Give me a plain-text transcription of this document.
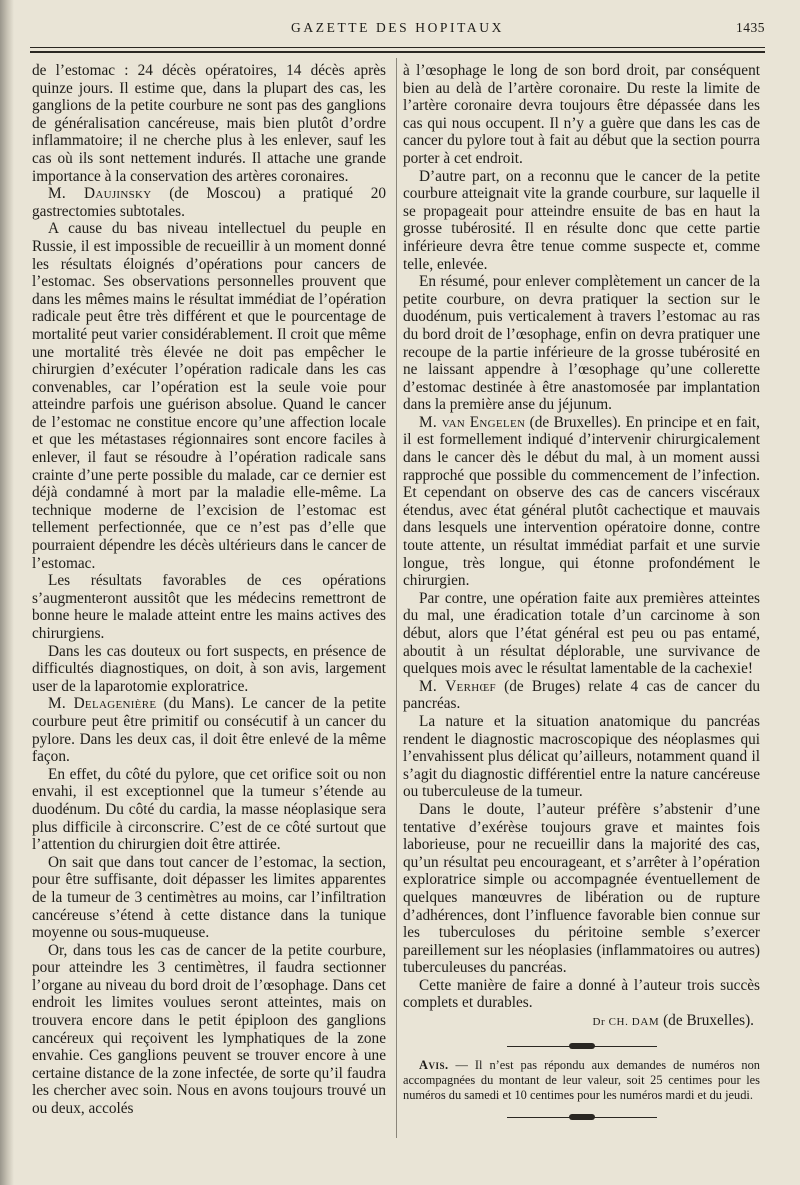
GAZETTE DES HOPITAUX	1435

de l’estomac : 24 décès opératoires, 14 décès après quinze jours. Il estime que, dans la plupart des cas, les ganglions de la petite courbure ne sont pas des ganglions de généralisation cancéreuse, mais bien plutôt d’ordre inflammatoire; il ne cherche plus à les enlever, sauf les cas où ils sont nettement indurés. Il attache une grande importance à la conservation des artères coronaires.

M. Daujinsky (de Moscou) a pratiqué 20 gastrectomies subtotales.

A cause du bas niveau intellectuel du peuple en Russie, il est impossible de recueillir à un moment donné les résultats éloignés d’opérations pour cancers de l’estomac. Ses observations personnelles prouvent que dans les mêmes mains le résultat immédiat de l’opération radicale peut être très différent et que le pourcentage de mortalité peut varier considérablement. Il croit que même une mortalité très élevée ne doit pas empêcher le chirurgien d’exécuter l’opération radicale dans les cas convenables, car l’opération est la seule voie pour atteindre parfois une guérison absolue. Quand le cancer de l’estomac ne constitue encore qu’une affection locale et que les métastases régionnaires sont encore faciles à enlever, il faut se résoudre à l’opération radicale sans crainte d’une perte possible du malade, car ce dernier est déjà condamné à mort par la maladie elle-même. La technique moderne de l’excision de l’estomac est tellement perfectionnée, que ce n’est pas d’elle que pourraient dépendre les décès ultérieurs dans le cancer de l’estomac.

Les résultats favorables de ces opérations s’augmenteront aussitôt que les médecins remettront de bonne heure le malade atteint entre les mains actives des chirurgiens.

Dans les cas douteux ou fort suspects, en présence de difficultés diagnostiques, on doit, à son avis, largement user de la laparotomie exploratrice.

M. Delagenière (du Mans). Le cancer de la petite courbure peut être primitif ou consécutif à un cancer du pylore. Dans les deux cas, il doit être enlevé de la même façon.

En effet, du côté du pylore, que cet orifice soit ou non envahi, il est exceptionnel que la tumeur s’étende au duodénum. Du côté du cardia, la masse néoplasique sera plus difficile à circonscrire. C’est de ce côté surtout que l’attention du chirurgien doit être attirée.

On sait que dans tout cancer de l’estomac, la section, pour être suffisante, doit dépasser les limites apparentes de la tumeur de 3 centimètres au moins, car l’infiltration cancéreuse s’étend à cette distance dans la tunique moyenne ou sous-muqueuse.

Or, dans tous les cas de cancer de la petite courbure, pour atteindre les 3 centimètres, il faudra sectionner l’organe au niveau du bord droit de l’œsophage. Dans cet endroit les limites voulues seront atteintes, mais on trouvera encore dans le petit épiploon des ganglions cancéreux qui reçoivent les lymphatiques de la zone envahie. Ces ganglions peuvent se trouver encore à une certaine distance de la zone infectée, de sorte qu’il faudra les chercher avec soin. Nous en avons toujours trouvé un ou deux, accolés

à l’œsophage le long de son bord droit, par conséquent bien au delà de l’artère coronaire. Du reste la limite de l’artère coronaire devra toujours être dépassée dans les cas qui nous occupent. Il n’y a guère que dans les cas de cancer du pylore tout à fait au début que la section pourra porter à cet endroit.

D’autre part, on a reconnu que le cancer de la petite courbure atteignait vite la grande courbure, sur laquelle il se propageait pour atteindre ensuite de bas en haut la grosse tubérosité. Il en résulte donc que cette partie inférieure devra être tenue comme suspecte et, comme telle, enlevée.

En résumé, pour enlever complètement un cancer de la petite courbure, on devra pratiquer la section sur le duodénum, puis verticalement à travers l’estomac au ras du bord droit de l’œsophage, enfin on devra pratiquer une recoupe de la partie inférieure de la grosse tubérosité en ne laissant appendre à l’œsophage qu’une collerette d’estomac destinée à être anastomosée par implantation dans la première anse du jéjunum.

M. van Engelen (de Bruxelles). En principe et en fait, il est formellement indiqué d’intervenir chirurgicalement dans le cancer dès le début du mal, à un moment aussi rapproché que possible du commencement de l’infection. Et cependant on observe des cas de cancers viscéraux étendus, avec état général plutôt cachectique et mauvais dans lesquels une intervention opératoire donne, contre toute attente, un résultat immédiat parfait et une survie longue, très longue, qui étonne profondément le chirurgien.

Par contre, une opération faite aux premières atteintes du mal, une éradication totale d’un carcinome à son début, alors que l’état général est peu ou pas entamé, aboutit à un résultat déplorable, une survivance de quelques mois avec le résultat lamentable de la cachexie!

M. Verhœf (de Bruges) relate 4 cas de cancer du pancréas.

La nature et la situation anatomique du pancréas rendent le diagnostic macroscopique des néoplasmes qui l’envahissent plus délicat qu’ailleurs, notamment quand il s’agit du diagnostic différentiel entre la nature cancéreuse ou tuberculeuse de la tumeur.

Dans le doute, l’auteur préfère s’abstenir d’une tentative d’exérèse toujours grave et maintes fois laborieuse, pour ne recueillir dans la majorité des cas, qu’un résultat peu encourageant, et s’arrêter à l’opération exploratrice simple ou accompagnée éventuellement de quelques manœuvres de libération ou de rupture d’adhérences, dont l’influence favorable bien connue sur les tuberculoses du péritoine semble s’exercer pareillement sur les néoplasies (inflammatoires ou autres) tuberculeuses du pancréas.

Cette manière de faire a donné à l’auteur trois succès complets et durables.

Dr CH. DAM (de Bruxelles).

Avis. — Il n’est pas répondu aux demandes de numéros non accompagnées du montant de leur valeur, soit 25 centimes pour les numéros du samedi et 10 centimes pour les numéros mardi et du jeudi.
